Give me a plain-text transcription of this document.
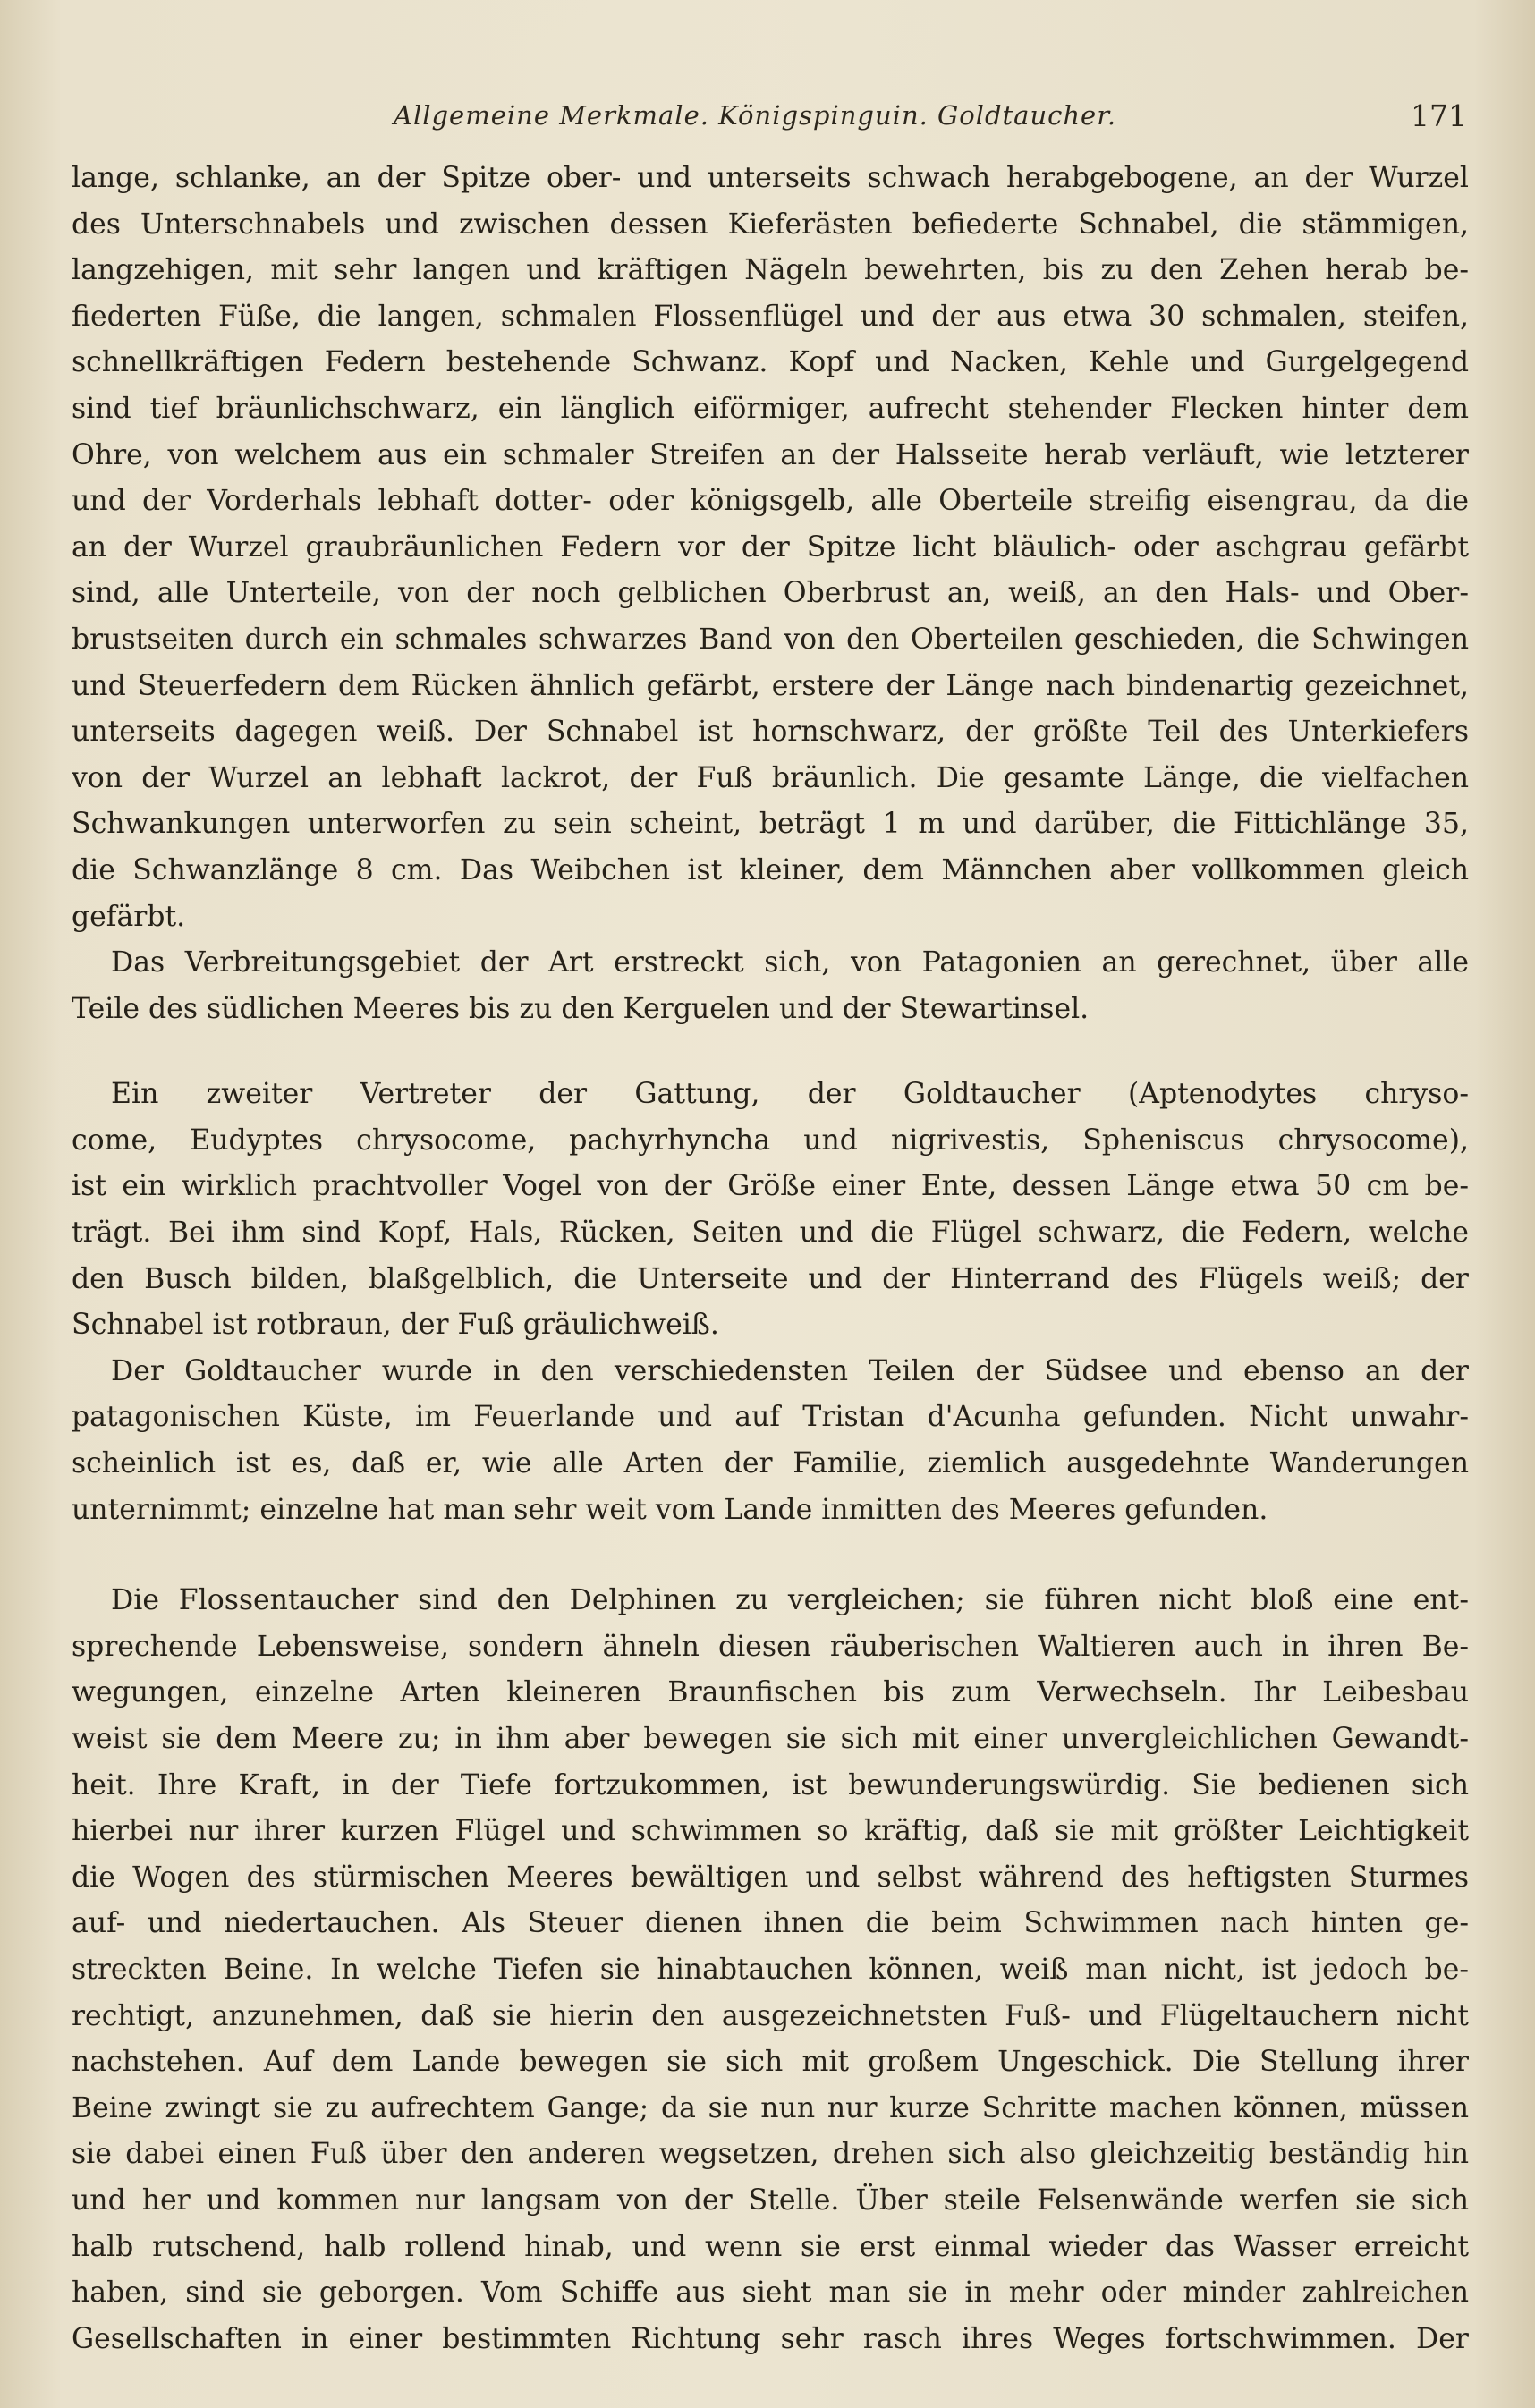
Allgemeine Merkmale. Königspinguin. Goldtaucher.	171
lange, schlanke, an der Spitze ober- und unterseits schwach herabgebogene, an der Wurzel
des Unterschnabels und zwischen dessen Kieferästen befiederte Schnabel, die stämmigen,
langzehigen, mit sehr langen und kräftigen Nägeln bewehrten, bis zu den Zehen herab be-
fiederten Füße, die langen, schmalen Flossenflügel und der aus etwa 30 schmalen, steifen,
schnellkräftigen Federn bestehende Schwanz. Kopf und Nacken, Kehle und Gurgelgegend
sind tief bräunlichschwarz, ein länglich eiförmiger, aufrecht stehender Flecken hinter dem
Ohre, von welchem aus ein schmaler Streifen an der Halsseite herab verläuft, wie letzterer
und der Vorderhals lebhaft dotter- oder königsgelb, alle Oberteile streifig eisengrau, da die
an der Wurzel graubräunlichen Federn vor der Spitze licht bläulich- oder aschgrau gefärbt
sind, alle Unterteile, von der noch gelblichen Oberbrust an, weiß, an den Hals- und Ober-
brustseiten durch ein schmales schwarzes Band von den Oberteilen geschieden, die Schwingen
und Steuerfedern dem Rücken ähnlich gefärbt, erstere der Länge nach bindenartig gezeichnet,
unterseits dagegen weiß. Der Schnabel ist hornschwarz, der größte Teil des Unterkiefers
von der Wurzel an lebhaft lackrot, der Fuß bräunlich. Die gesamte Länge, die vielfachen
Schwankungen unterworfen zu sein scheint, beträgt 1 m und darüber, die Fittichlänge 35,
die Schwanzlänge 8 cm. Das Weibchen ist kleiner, dem Männchen aber vollkommen gleich
gefärbt.
Das Verbreitungsgebiet der Art erstreckt sich, von Patagonien an gerechnet, über alle
Teile des südlichen Meeres bis zu den Kerguelen und der Stewartinsel.
Ein zweiter Vertreter der Gattung, der Goldtaucher (Aptenodytes chryso-
come, Eudyptes chrysocome, pachyrhyncha und nigrivestis, Spheniscus chrysocome),
ist ein wirklich prachtvoller Vogel von der Größe einer Ente, dessen Länge etwa 50 cm be-
trägt. Bei ihm sind Kopf, Hals, Rücken, Seiten und die Flügel schwarz, die Federn, welche
den Busch bilden, blaßgelblich, die Unterseite und der Hinterrand des Flügels weiß; der
Schnabel ist rotbraun, der Fuß gräulichweiß.
Der Goldtaucher wurde in den verschiedensten Teilen der Südsee und ebenso an der
patagonischen Küste, im Feuerlande und auf Tristan d'Acunha gefunden. Nicht unwahr-
scheinlich ist es, daß er, wie alle Arten der Familie, ziemlich ausgedehnte Wanderungen
unternimmt; einzelne hat man sehr weit vom Lande inmitten des Meeres gefunden.
Die Flossentaucher sind den Delphinen zu vergleichen; sie führen nicht bloß eine ent-
sprechende Lebensweise, sondern ähneln diesen räuberischen Waltieren auch in ihren Be-
wegungen, einzelne Arten kleineren Braunfischen bis zum Verwechseln. Ihr Leibesbau
weist sie dem Meere zu; in ihm aber bewegen sie sich mit einer unvergleichlichen Gewandt-
heit. Ihre Kraft, in der Tiefe fortzukommen, ist bewunderungswürdig. Sie bedienen sich
hierbei nur ihrer kurzen Flügel und schwimmen so kräftig, daß sie mit größter Leichtigkeit
die Wogen des stürmischen Meeres bewältigen und selbst während des heftigsten Sturmes
auf- und niedertauchen. Als Steuer dienen ihnen die beim Schwimmen nach hinten ge-
streckten Beine. In welche Tiefen sie hinabtauchen können, weiß man nicht, ist jedoch be-
rechtigt, anzunehmen, daß sie hierin den ausgezeichnetsten Fuß- und Flügeltauchern nicht
nachstehen. Auf dem Lande bewegen sie sich mit großem Ungeschick. Die Stellung ihrer
Beine zwingt sie zu aufrechtem Gange; da sie nun nur kurze Schritte machen können, müssen
sie dabei einen Fuß über den anderen wegsetzen, drehen sich also gleichzeitig beständig hin
und her und kommen nur langsam von der Stelle. Über steile Felsenwände werfen sie sich
halb rutschend, halb rollend hinab, und wenn sie erst einmal wieder das Wasser erreicht
haben, sind sie geborgen. Vom Schiffe aus sieht man sie in mehr oder minder zahlreichen
Gesellschaften in einer bestimmten Richtung sehr rasch ihres Weges fortschwimmen. Der
